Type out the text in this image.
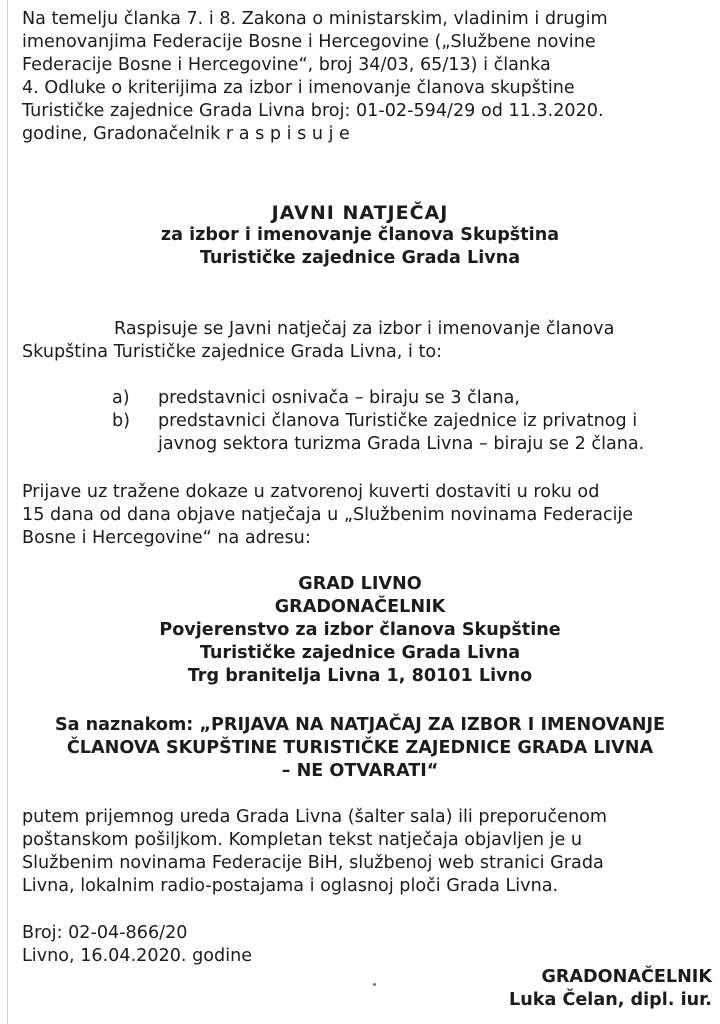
Na temelju članka 7. i 8. Zakona o ministarskim, vladinim i drugim

imenovanjima Federacije Bosne i Hercegovine („Službene novine

Federacije Bosne i Hercegovine“, broj 34/03, 65/13) i članka

4. Odluke o kriterijima za izbor i imenovanje članova skupštine

Turističke zajednice Grada Livna broj: 01-02-594/29 od 11.3.2020.

godine, Gradonačelnik r a s p i s u j e

JAVNI NATJEČAJ

za izbor i imenovanje članova Skupština

Turističke zajednice Grada Livna

Raspisuje se Javni natječaj za izbor i imenovanje članova

Skupština Turističke zajednice Grada Livna, i to:

a)	predstavnici osnivača – biraju se 3 člana,

b)	predstavnici članova Turističke zajednice iz privatnog i

javnog sektora turizma Grada Livna – biraju se 2 člana.

Prijave uz tražene dokaze u zatvorenoj kuverti dostaviti u roku od

15 dana od dana objave natječaja u „Službenim novinama Federacije

Bosne i Hercegovine“ na adresu:

GRAD LIVNO

GRADONAČELNIK

Povjerenstvo za izbor članova Skupštine

Turističke zajednice Grada Livna

Trg branitelja Livna 1, 80101 Livno

Sa naznakom: „PRIJAVA NA NATJAČAJ ZA IZBOR I IMENOVANJE

ČLANOVA SKUPŠTINE TURISTIČKE ZAJEDNICE GRADA LIVNA

– NE OTVARATI“

putem prijemnog ureda Grada Livna (šalter sala) ili preporučenom

poštanskom pošiljkom. Kompletan tekst natječaja objavljen je u

Službenim novinama Federacije BiH, službenoj web stranici Grada

Livna, lokalnim radio-postajama i oglasnoj ploči Grada Livna.

Broj: 02-04-866/20

Livno, 16.04.2020. godine

GRADONAČELNIK

Luka Čelan, dipl. iur.
